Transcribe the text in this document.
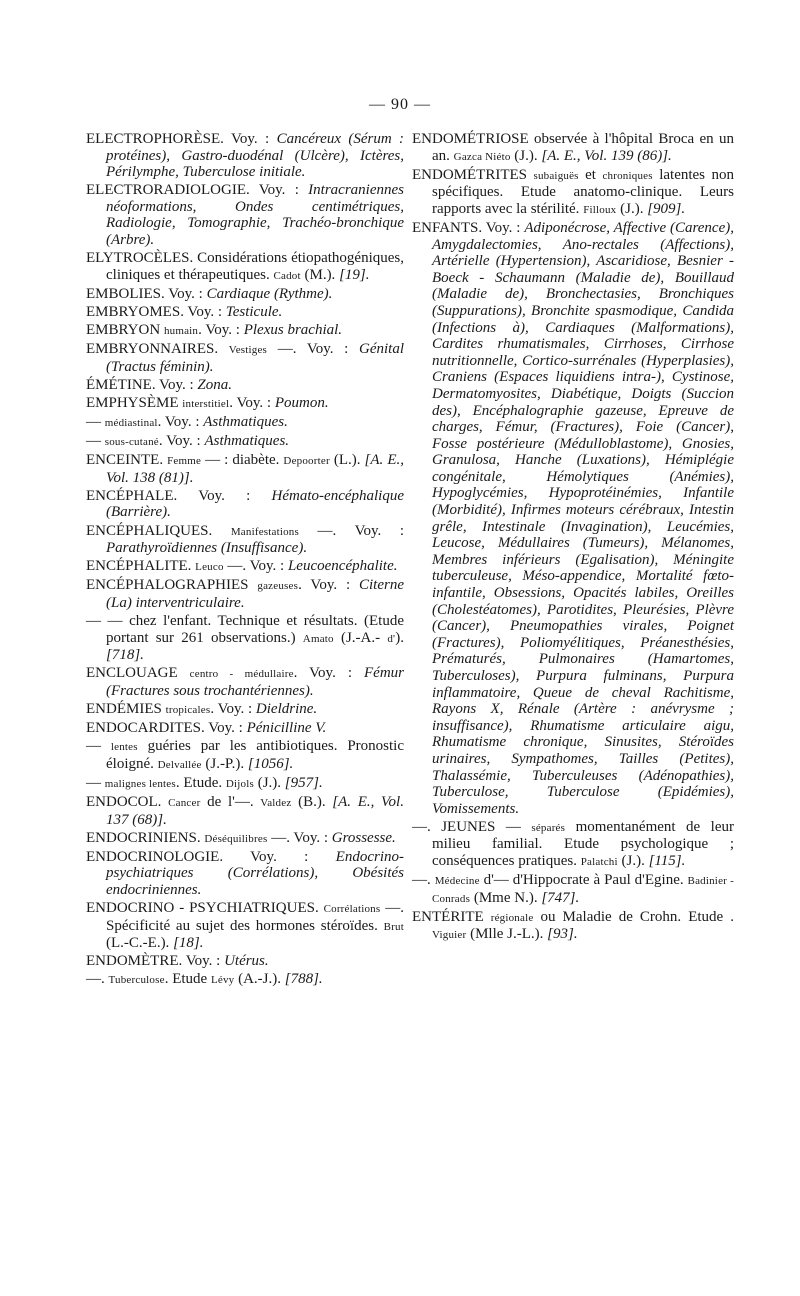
— 90 —

ELECTROPHORÈSE. Voy. : Cancéreux (Sérum : protéines), Gastro-duodénal (Ulcère), Ictères, Périlymphe, Tuberculose initiale.

ELECTRORADIOLOGIE. Voy. : Intracraniennes néoformations, Ondes centimétriques, Radiologie, Tomographie, Trachéo-bronchique (Arbre).

ELYTROCÈLES. Considérations étiopathogéniques, cliniques et thérapeutiques. Cadot (M.). [19].

EMBOLIES. Voy. : Cardiaque (Rythme).

EMBRYOMES. Voy. : Testicule.

EMBRYON humain. Voy. : Plexus brachial.

EMBRYONNAIRES. Vestiges —. Voy. : Génital (Tractus féminin).

ÉMÉTINE. Voy. : Zona.

EMPHYSÈME interstitiel. Voy. : Poumon.

— médiastinal. Voy. : Asthmatiques.

— sous-cutané. Voy. : Asthmatiques.

ENCEINTE. Femme — : diabète. Depoorter (L.). [A. E., Vol. 138 (81)].

ENCÉPHALE. Voy. : Hémato-encéphalique (Barrière).

ENCÉPHALIQUES. Manifestations —. Voy. : Parathyroïdiennes (Insuffisance).

ENCÉPHALITE. Leuco —. Voy. : Leucoencéphalite.

ENCÉPHALOGRAPHIES gazeuses. Voy. : Citerne (La) interventriculaire.

— — chez l'enfant. Technique et résultats. (Etude portant sur 261 observations.) Amato (J.-A.- d'). [718].

ENCLOUAGE centro - médullaire. Voy. : Fémur (Fractures sous trochantériennes).

ENDÉMIES tropicales. Voy. : Dieldrine.

ENDOCARDITES. Voy. : Pénicilline V.

— lentes guéries par les antibiotiques. Pronostic éloigné. Delvallée (J.-P.). [1056].

— malignes lentes. Etude. Dijols (J.). [957].

ENDOCOL. Cancer de l'—. Valdez (B.). [A. E., Vol. 137 (68)].

ENDOCRINIENS. Déséquilibres —. Voy. : Grossesse.

ENDOCRINOLOGIE. Voy. : Endocrino-psychiatriques (Corrélations), Obésités endocriniennes.

ENDOCRINO - PSYCHIATRIQUES. Corrélations —. Spécificité au sujet des hormones stéroïdes. Brut (L.-C.-E.). [18].

ENDOMÈTRE. Voy. : Utérus.

—. Tuberculose. Etude Lévy (A.-J.). [788].

ENDOMÉTRIOSE observée à l'hôpital Broca en un an. Gazca Niéto (J.). [A. E., Vol. 139 (86)].

ENDOMÉTRITES subaiguës et chroniques latentes non spécifiques. Etude anatomo-clinique. Leurs rapports avec la stérilité. Filloux (J.). [909].

ENFANTS. Voy. : Adiponécrose, Affective (Carence), Amygdalectomies, Ano-rectales (Affections), Artérielle (Hypertension), Ascaridiose, Besnier - Boeck - Schaumann (Maladie de), Bouillaud (Maladie de), Bronchectasies, Bronchiques (Suppurations), Bronchite spasmodique, Candida (Infections à), Cardiaques (Malformations), Cardites rhumatismales, Cirrhoses, Cirrhose nutritionnelle, Cortico-surrénales (Hyperplasies), Craniens (Espaces liquidiens intra-), Cystinose, Dermatomyosites, Diabétique, Doigts (Succion des), Encéphalographie gazeuse, Epreuve de charges, Fémur, (Fractures), Foie (Cancer), Fosse postérieure (Médulloblastome), Gnosies, Granulosa, Hanche (Luxations), Hémiplégie congénitale, Hémolytiques (Anémies), Hypoglycémies, Hypoprotéinémies, Infantile (Morbidité), Infirmes moteurs cérébraux, Intestin grêle, Intestinale (Invagination), Leucémies, Leucose, Médullaires (Tumeurs), Mélanomes, Membres inférieurs (Egalisation), Méningite tuberculeuse, Méso-appendice, Mortalité fœto-infantile, Obsessions, Opacités labiles, Oreilles (Cholestéatomes), Parotidites, Pleurésies, Plèvre (Cancer), Pneumopathies virales, Poignet (Fractures), Poliomyélitiques, Préanesthésies, Prématurés, Pulmonaires (Hamartomes, Tuberculoses), Purpura fulminans, Purpura inflammatoire, Queue de cheval Rachitisme, Rayons X, Rénale (Artère : anévrysme ; insuffisance), Rhumatisme articulaire aigu, Rhumatisme chronique, Sinusites, Stéroïdes urinaires, Sympathomes, Tailles (Petites), Thalassémie, Tuberculeuses (Adénopathies), Tuberculose, Tuberculose (Epidémies), Vomissements.

—. JEUNES — séparés momentanément de leur milieu familial. Etude psychologique ; conséquences pratiques. Palatchi (J.). [115].

—. Médecine d'— d'Hippocrate à Paul d'Egine. Badinier - Conrads (Mme N.). [747].

ENTÉRITE régionale ou Maladie de Crohn. Etude . Viguier (Mlle J.-L.). [93].
